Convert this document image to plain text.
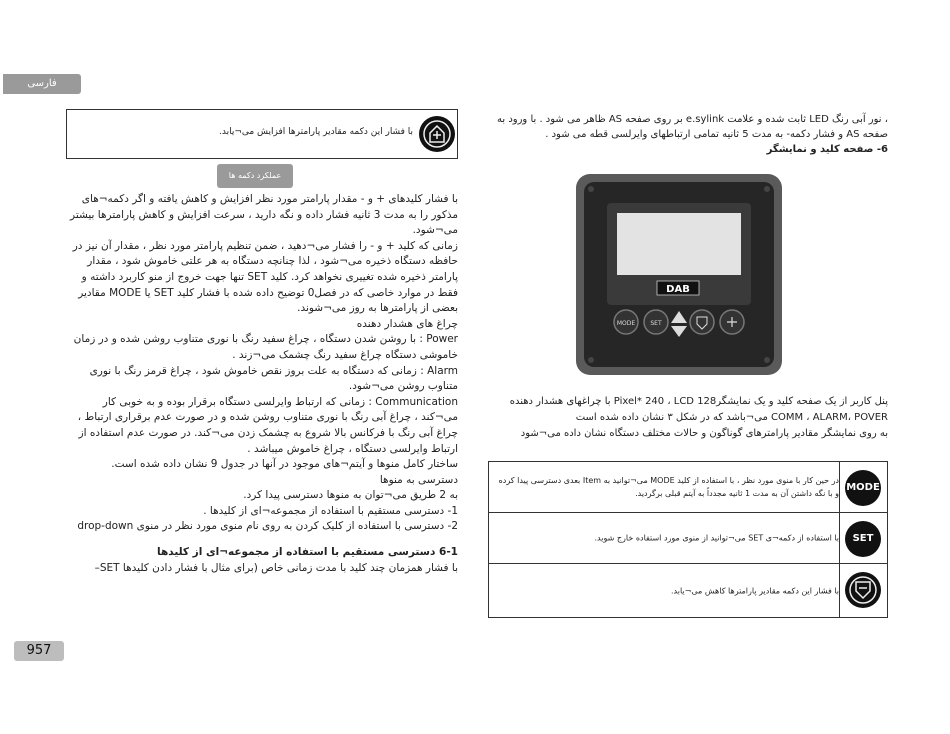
فارسی
با فشار این دکمه مقادیر پارامترها افزایش می¬یابد.
عملکرد دکمه ها

با فشار کلیدهای + و - مقدار پارامتر مورد نظر افزایش و کاهش یافته و اگر دکمه¬های مذکور را به مدت 3 ثانیه فشار داده و نگه دارید ، سرعت افزایش و کاهش پارامترها بیشتر می¬شود.

زمانی که کلید + و - را فشار می¬دهید ، ضمن تنظیم پارامتر مورد نظر ، مقدار آن نیز در حافظه دستگاه ذخیره می¬شود ، لذا چنانچه دستگاه به هر علتی خاموش شود ، مقدار پارامتر ذخیره شده تغییری نخواهد کرد. کلید SET تنها جهت خروج از منو کاربرد داشته و فقط در موارد خاصی که در فصل0 توضیح داده شده با فشار کلید SET یا MODE مقادیر بعضی از پارامترها به روز می¬شوند.

چراغ های هشدار دهنده

Power : با روشن شدن دستگاه ، چراغ سفید رنگ با نوری متناوب روشن شده و در زمان خاموشی دستگاه چراغ سفید رنگ چشمک می¬زند .

Alarm : زمانی که دستگاه به علت بروز نقص خاموش شود ، چراغ قرمز رنگ با نوری متناوب روشن می¬شود.

Communication : زمانی که ارتباط وایرلسی دستگاه برقرار بوده و به خوبی کار می¬کند ، چراغ آبی رنگ با نوری متناوب روشن شده و در صورت عدم برقراری ارتباط ، چراغ آبی رنگ با فرکانس بالا شروع به چشمک زدن می¬کند. در صورت عدم استفاده از ارتباط وایرلسی دستگاه ، چراغ خاموش میباشد .

ساختار کامل منوها و آیتم¬های موجود در آنها در جدول 9 نشان داده شده است.

دسترسی به منوها

به 2 طریق می¬توان به منوها دسترسی پیدا کرد.

1- دسترسی مستقیم با استفاده از مجموعه¬ای از کلیدها .

2- دسترسی با استفاده از کلیک کردن به روی نام منوی مورد نظر در منوی drop-down

6-1 دسترسی مستقیم با استفاده از مجموعه¬ای از کلیدها

با فشار همزمان چند کلید با مدت زمانی خاص (برای مثال با فشار دادن کلیدها SET–

957

، نور آبی رنگ LED ثابت شده و علامت e.sylink بر روی صفحه AS ظاهر می شود . با ورود به صفحه AS و فشار دکمه- به مدت 5 ثانیه تمامی ارتباطهای وایرلسی قطه می شود .

6- صفحه کلید و نمایشگر

DAB
MODE	SET

پنل کاربر از یک صفحه کلید و یک نمایشگر128 Pixel* 240 ، LCD با چراغهای هشدار دهنده COMM ، ALARM، POVER می¬باشد که در شکل ۳ نشان داده شده است

به روی نمایشگر مقادیر پارامترهای گوناگون و حالات مختلف دستگاه نشان داده می¬شود

MODE
در حین کار با منوی مورد نظر ، با استفاده از کلید MODE می¬توانید به Item بعدی دسترسی پیدا کرده و با نگه داشتن آن به مدت 1 ثانیه مجدداً به آیتم قبلی برگردید.
SET
با استفاده از دکمه¬ی SET می¬توانید از منوی مورد استفاده خارج شوید.
با فشار این دکمه مقادیر پارامترها کاهش می¬یابد.
